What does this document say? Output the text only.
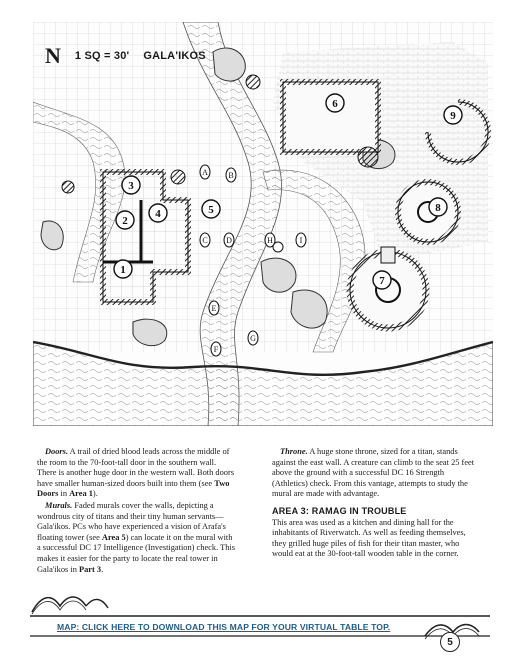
1
2
3
4	5
6
7
8
9
A	B
C D
E
F
G
H	I
N 1 SQ = 30' GALA'IKOS

Doors. A trail of dried blood leads across the middle of the room to the 70-foot-tall door in the southern wall. There is another huge door in the western wall. Both doors have smaller human-sized doors built into them (see Two Doors in Area 1).

Murals. Faded murals cover the walls, depicting a wondrous city of titans and their tiny human servants—Gala'ikos. PCs who have experienced a vision of Arafa's floating tower (see Area 5) can locate it on the mural with a successful DC 17 Intelligence (Investigation) check. This makes it easier for the party to locate the real tower in Gala'ikos in Part 3.

Throne. A huge stone throne, sized for a titan, stands against the east wall. A creature can climb to the seat 25 feet above the ground with a successful DC 16 Strength (Athletics) check. From this vantage, attempts to study the mural are made with advantage.

AREA 3: RAMAG IN TROUBLE

This area was used as a kitchen and dining hall for the inhabitants of Riverwatch. As well as feeding themselves, they grilled huge piles of fish for their titan master, who would eat at the 30-foot-tall wooden table in the corner.

MAP: CLICK HERE TO DOWNLOAD THIS MAP FOR YOUR VIRTUAL TABLE TOP.
5
